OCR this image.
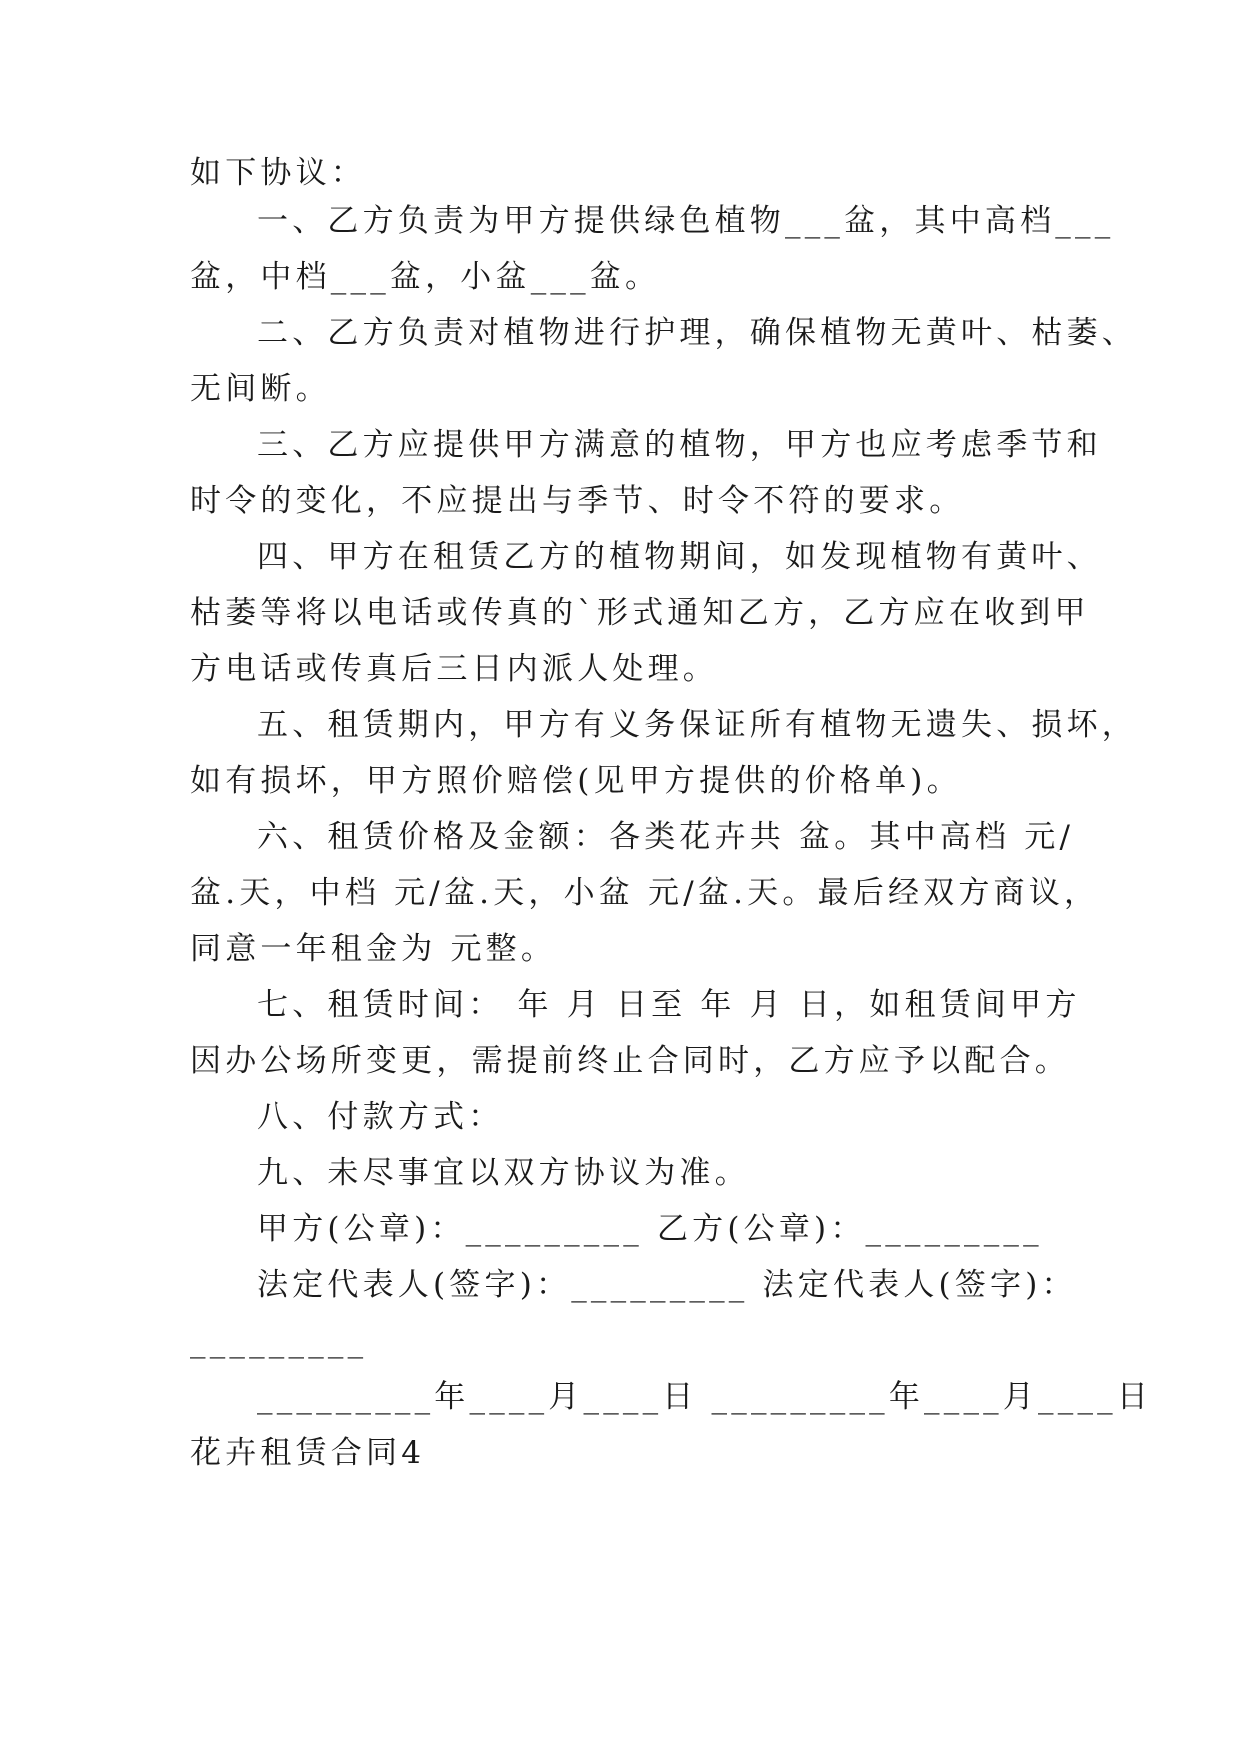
如下协议：
一、乙方负责为甲方提供绿色植物___盆，其中高档___
盆，中档___盆，小盆___盆。
二、乙方负责对植物进行护理，确保植物无黄叶、枯萎、
无间断。
三、乙方应提供甲方满意的植物，甲方也应考虑季节和
时令的变化，不应提出与季节、时令不符的要求。
四、甲方在租赁乙方的植物期间，如发现植物有黄叶、
枯萎等将以电话或传真的`形式通知乙方，乙方应在收到甲
方电话或传真后三日内派人处理。
五、租赁期内，甲方有义务保证所有植物无遗失、损坏，
如有损坏，甲方照价赔偿(见甲方提供的价格单)。
六、租赁价格及金额：各类花卉共 盆。其中高档 元/
盆.天，中档 元/盆.天，小盆 元/盆.天。最后经双方商议，
同意一年租金为 元整。
七、租赁时间： 年 月 日至 年 月 日，如租赁间甲方
因办公场所变更，需提前终止合同时，乙方应予以配合。
八、付款方式：
九、未尽事宜以双方协议为准。
甲方(公章)：_________ 乙方(公章)：_________
法定代表人(签字)：_________ 法定代表人(签字)：
_________
_________年____月____日 _________年____月____日
花卉租赁合同4
